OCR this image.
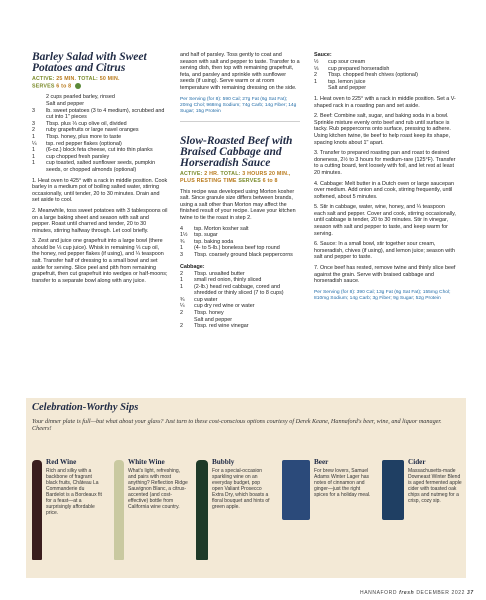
Barley Salad with Sweet Potatoes and Citrus
ACTIVE: 25 MIN. TOTAL: 50 MIN.
SERVES 6 to 8
2 cups pearled barley, rinsed
Salt and pepper
3	lb. sweet potatoes (3 to 4 medium), scrubbed and cut into 1" pieces
3	Tbsp. plus ⅓ cup olive oil, divided
2	ruby grapefruits or large navel oranges
1	Tbsp. honey, plus more to taste
¼	tsp. red pepper flakes (optional)
1	(6-oz.) block feta cheese, cut into thin planks
1	cup chopped fresh parsley
1	cup toasted, salted sunflower seeds, pumpkin seeds, or chopped almonds (optional)
1. Heat oven to 425° with a rack in middle position. Cook barley in a medium pot of boiling salted water, stirring occasionally, until tender, 20 to 30 minutes. Drain and set aside to cool.
2. Meanwhile, toss sweet potatoes with 3 tablespoons oil on a large baking sheet and season with salt and pepper. Roast until charred and tender, 20 to 30 minutes, stirring halfway through. Let cool briefly.
3. Zest and juice one grapefruit into a large bowl (there should be ⅓ cup juice). Whisk in remaining ⅓ cup oil, the honey, red pepper flakes (if using), and ¼ teaspoon salt. Transfer half of dressing to a small bowl and set aside for serving. Slice peel and pith from remaining grapefruit, then cut grapefruit into wedges or half-moons; transfer to a separate bowl along with any juice.
and half of parsley. Toss gently to coat and season with salt and pepper to taste. Transfer to a serving dish, then top with remaining grapefruit, feta, and parsley and sprinkle with sunflower seeds (if using). Serve warm or at room temperature with remaining dressing on the side.
Per Serving (for 8): 590 Cal; 27g Fat (6g Sat Fat); 20mg Chol; 968mg Sodium; 74g Carb; 14g Fiber; 14g Sugar; 15g Protein
Slow-Roasted Beef with Braised Cabbage and Horseradish Sauce
ACTIVE: 2 HR. TOTAL: 3 HOURS 20 MIN., PLUS RESTING TIME SERVES 6 to 8
This recipe was developed using Morton kosher salt. Since granule size differs between brands, using a salt other than Morton may affect the finished result of your recipe. Leave your kitchen twine to tie the roast in step 2.
4	tsp. Morton kosher salt
1½	tsp. sugar
¾	tsp. baking soda
1	(4- to 5-lb.) boneless beef top round
3	Tbsp. coarsely ground black peppercorns
Cabbage:
2	Tbsp. unsalted butter
1	small red onion, thinly sliced
1	(2-lb.) head red cabbage, cored and shredded or thinly sliced (7 to 8 cups)
¾	cup water
¼	cup dry red wine or water
2	Tbsp. honey
Salt and pepper
2	Tbsp. red wine vinegar
Sauce:
½	cup sour cream
⅓	cup prepared horseradish
2	Tbsp. chopped fresh chives (optional)
1	tsp. lemon juice
Salt and pepper
1. Heat oven to 225° with a rack in middle position. Set a V-shaped rack in a roasting pan and set aside.
2. Beef: Combine salt, sugar, and baking soda in a bowl. Sprinkle mixture evenly onto beef and rub until surface is tacky. Rub peppercorns onto surface, pressing to adhere. Using kitchen twine, tie beef to help roast keep its shape, spacing knots about 1" apart.
3. Transfer to prepared roasting pan and roast to desired doneness, 2½ to 3 hours for medium-rare (125°F). Transfer to a cutting board, tent loosely with foil, and let rest at least 20 minutes.
4. Cabbage: Melt butter in a Dutch oven or large saucepan over medium. Add onion and cook, stirring frequently, until softened, about 5 minutes.
5. Stir in cabbage, water, wine, honey, and ¼ teaspoon each salt and pepper. Cover and cook, stirring occasionally, until cabbage is tender, 20 to 30 minutes. Stir in vinegar, season with salt and pepper to taste, and keep warm for serving.
6. Sauce: In a small bowl, stir together sour cream, horseradish, chives (if using), and lemon juice; season with salt and pepper to taste.
7. Once beef has rested, remove twine and thinly slice beef against the grain. Serve with braised cabbage and horseradish sauce.
Per Serving (for 8): 390 Cal; 13g Fat (6g Sat Fat); 155mg Chol; 810mg Sodium; 14g Carb; 3g Fiber; 9g Sugar; 52g Protein
Celebration-Worthy Sips
Your dinner plate is full—but what about your glass? Just turn to these cost-conscious options courtesy of Derek Keane, Hannaford's beer, wine, and liquor manager. Cheers!
Red Wine

Rich and silky with a backbone of fragrant black fruits, Château La Commanderie du Bardelot is a Bordeaux fit for a feast—at a surprisingly affordable price.

White Wine

What's light, refreshing, and pairs with most anything? Reflection Ridge Sauvignon Blanc, a citrus-accented (and cost-effective) bottle from California wine country.

Bubbly

For a special-occasion sparkling wine on an everyday budget, pop open Valiant Prosecco Extra Dry, which boasts a floral bouquet and hints of green apple.

Beer

For brew lovers, Samuel Adams Winter Lager has notes of cinnamon and ginger—just the right spices for a holiday meal.

Cider

Massachusetts-made Downeast Winter Blend is aged fermented apple cider with toasted oak chips and nutmeg for a crisp, cozy sip.

HANNAFORD fresh DECEMBER 2022 37
